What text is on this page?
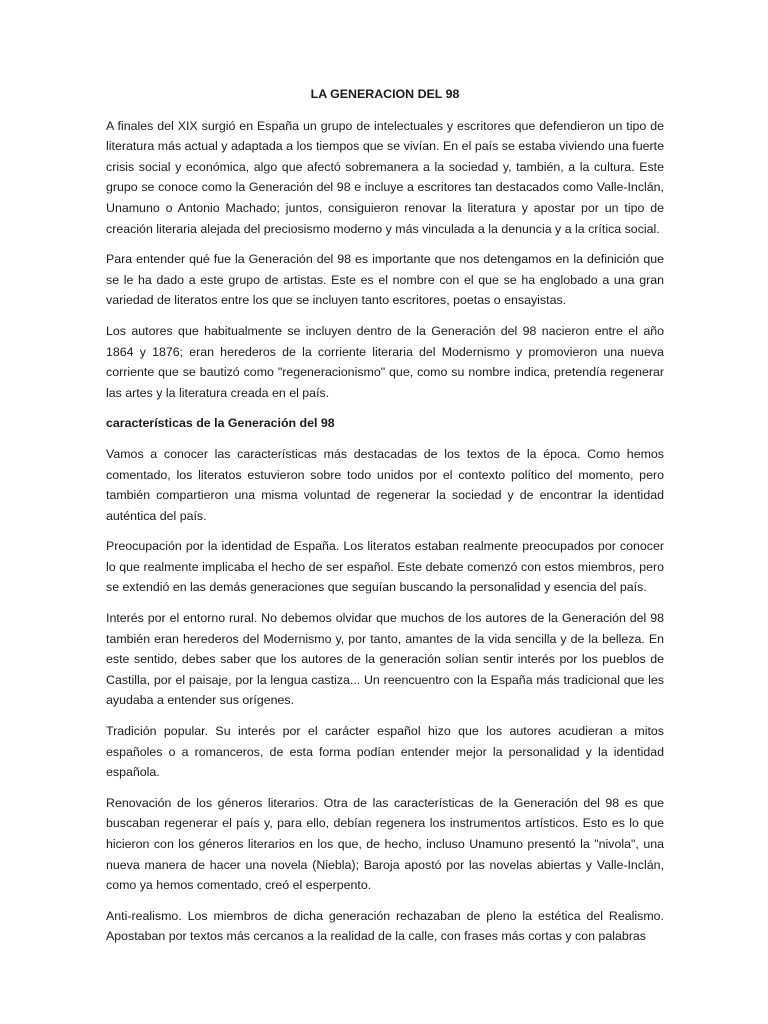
LA GENERACION DEL 98

A finales del XIX surgió en España un grupo de intelectuales y escritores que defendieron un tipo de literatura más actual y adaptada a los tiempos que se vivían. En el país se estaba viviendo una fuerte crisis social y económica, algo que afectó sobremanera a la sociedad y, también, a la cultura. Este grupo se conoce como la Generación del 98 e incluye a escritores tan destacados como Valle-Inclán, Unamuno o Antonio Machado; juntos, consiguieron renovar la literatura y apostar por un tipo de creación literaria alejada del preciosismo moderno y más vinculada a la denuncia y a la crítica social.

Para entender qué fue la Generación del 98 es importante que nos detengamos en la definición que se le ha dado a este grupo de artistas. Este es el nombre con el que se ha englobado a una gran variedad de literatos entre los que se incluyen tanto escritores, poetas o ensayistas.

Los autores que habitualmente se incluyen dentro de la Generación del 98 nacieron entre el año 1864 y 1876; eran herederos de la corriente literaria del Modernismo y promovieron una nueva corriente que se bautizó como "regeneracionismo" que, como su nombre indica, pretendía regenerar las artes y la literatura creada en el país.

características de la Generación del 98

Vamos a conocer las características más destacadas de los textos de la época. Como hemos comentado, los literatos estuvieron sobre todo unidos por el contexto político del momento, pero también compartieron una misma voluntad de regenerar la sociedad y de encontrar la identidad auténtica del país.

Preocupación por la identidad de España. Los literatos estaban realmente preocupados por conocer lo que realmente implicaba el hecho de ser español. Este debate comenzó con estos miembros, pero se extendió en las demás generaciones que seguían buscando la personalidad y esencia del país.

Interés por el entorno rural. No debemos olvidar que muchos de los autores de la Generación del 98 también eran herederos del Modernismo y, por tanto, amantes de la vida sencilla y de la belleza. En este sentido, debes saber que los autores de la generación solían sentir interés por los pueblos de Castilla, por el paisaje, por la lengua castiza... Un reencuentro con la España más tradicional que les ayudaba a entender sus orígenes.

Tradición popular. Su interés por el carácter español hizo que los autores acudieran a mitos españoles o a romanceros, de esta forma podían entender mejor la personalidad y la identidad española.

Renovación de los géneros literarios. Otra de las características de la Generación del 98 es que buscaban regenerar el país y, para ello, debían regenera los instrumentos artísticos. Esto es lo que hicieron con los géneros literarios en los que, de hecho, incluso Unamuno presentó la "nivola", una nueva manera de hacer una novela (Niebla); Baroja apostó por las novelas abiertas y Valle-Inclán, como ya hemos comentado, creó el esperpento.

Anti-realismo. Los miembros de dicha generación rechazaban de pleno la estética del Realismo. Apostaban por textos más cercanos a la realidad de la calle, con frases más cortas y con palabras
